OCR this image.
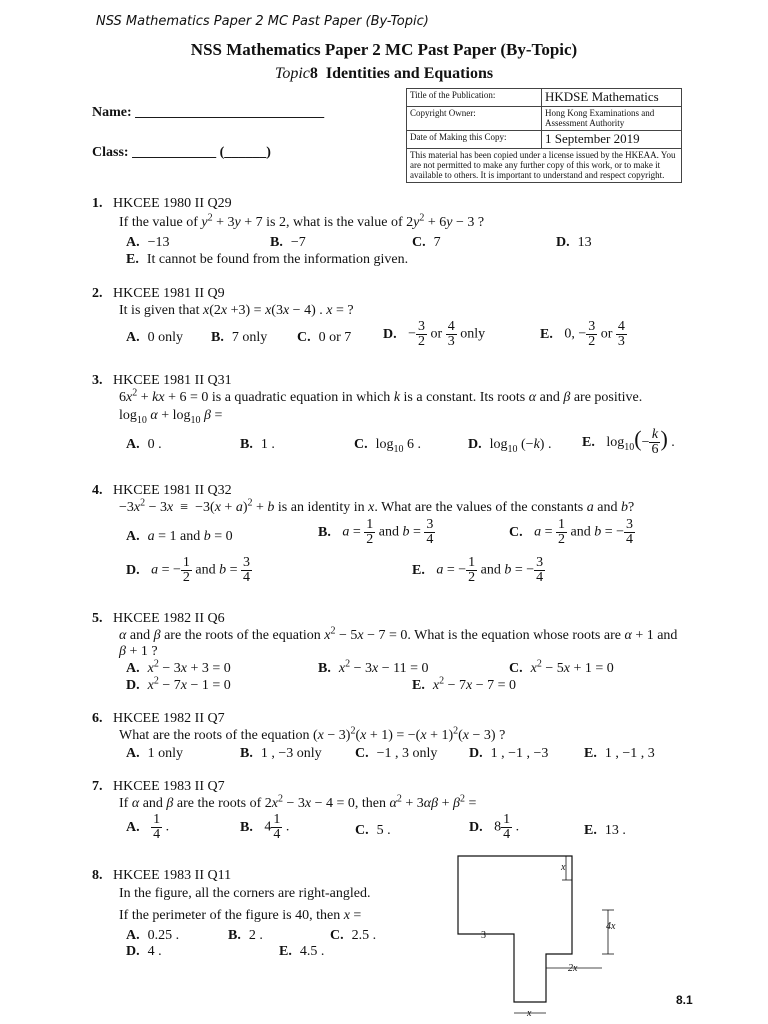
NSS Mathematics Paper 2 MC Past Paper (By-Topic)
NSS Mathematics Paper 2 MC Past Paper (By-Topic)
Topic8 Identities and Equations
Name: ___________________________
Class: ____________ (______)
Title of the Publication:	HKDSE Mathematics
Copyright Owner:	Hong Kong Examinations and Assessment Authority
Date of Making this Copy:	1 September 2019
This material has been copied under a license issued by the HKEAA. You are not permitted to make any further copy of this work, or to make it available to others. It is important to understand and respect copyright.	
1. HKCEE 1980 II Q29
If the value of $y^2 + 3y + 7$ is 2, what is the value of $2y^2 + 6y - 3$ ?
A. −13	B. −7	C. 7	D. 13
E. It cannot be found from the information given.
2. HKCEE 1981 II Q9
It is given that x(2x +3) = x(3x − 4) . x = ?
A. 0 only B. 7 only C. 0 or 7 D. − $\frac{3}{2}$ or $\frac{4}{3}$ only	E. 0, − $\frac{3}{2}$ or $\frac{4}{3}$
3. HKCEE 1981 II Q31
$6x^2$ + kx + 6 = 0 is a quadratic equation in which k is a constant. Its roots α and β are positive.
$\log_{10} \alpha + \log_{10} \beta$ =
A. 0 .	B. 1 .	C. $\log_{10} 6$ .	D. $\log_{10} (-k)$ . E. $\log_{10}(- \frac{k}{6}$ ) .
4. HKCEE 1981 II Q32
$-3x^2 - 3x \equiv -3(x + a)^2 + b$ is an identity in x. What are the values of the constants a and b?
A. a = 1 and b = 0	B. $a = \frac{1}{2}$ and $b = \frac{3}{4}$	C. $a = \frac{1}{2}$ and b = − $\frac{3}{4}$
D. a = − $\frac{1}{2}$ and $b = \frac{3}{4}$	E. a = − $\frac{1}{2}$ and b = − $\frac{3}{4}$
5. HKCEE 1982 II Q6
α and β are the roots of the equation $x^2 - 5x - 7 = 0$. What is the equation whose roots are α + 1 and
β + 1 ?
A. $x^2 - 3x + 3 = 0$	B. $x^2 - 3x - 11 = 0$	C. $x^2 - 5x + 1 = 0$
D. $x^2 - 7x - 1 = 0$	E. $x^2 - 7x - 7 = 0$
6. HKCEE 1982 II Q7
What are the roots of the equation $(x - 3)^2(x + 1) = -(x + 1)^2(x - 3)$ ?
A. 1 only	B. 1 , −3 only C. −1 , 3 only D. 1 , −1 , −3	E. 1 , −1 , 3
7. HKCEE 1983 II Q7
If α and β are the roots of $2x^2 - 3x - 4 = 0$, then $\alpha^2 + 3\alpha\beta + \beta^2$ =
A. $\frac{1}{4}$ .	B. $4 \frac{1}{4}$ .	C. 5 .	D. $8 \frac{1}{4}$ .	E. 13 .
8. HKCEE 1983 II Q11
In the figure, all the corners are right-angled.
If the perimeter of the figure is 40, then x =
A. 0.25 .	B. 2 .	C. 2.5 .
D. 4 .	E. 4.5 .
x
4x
3
2x
x
8.1
